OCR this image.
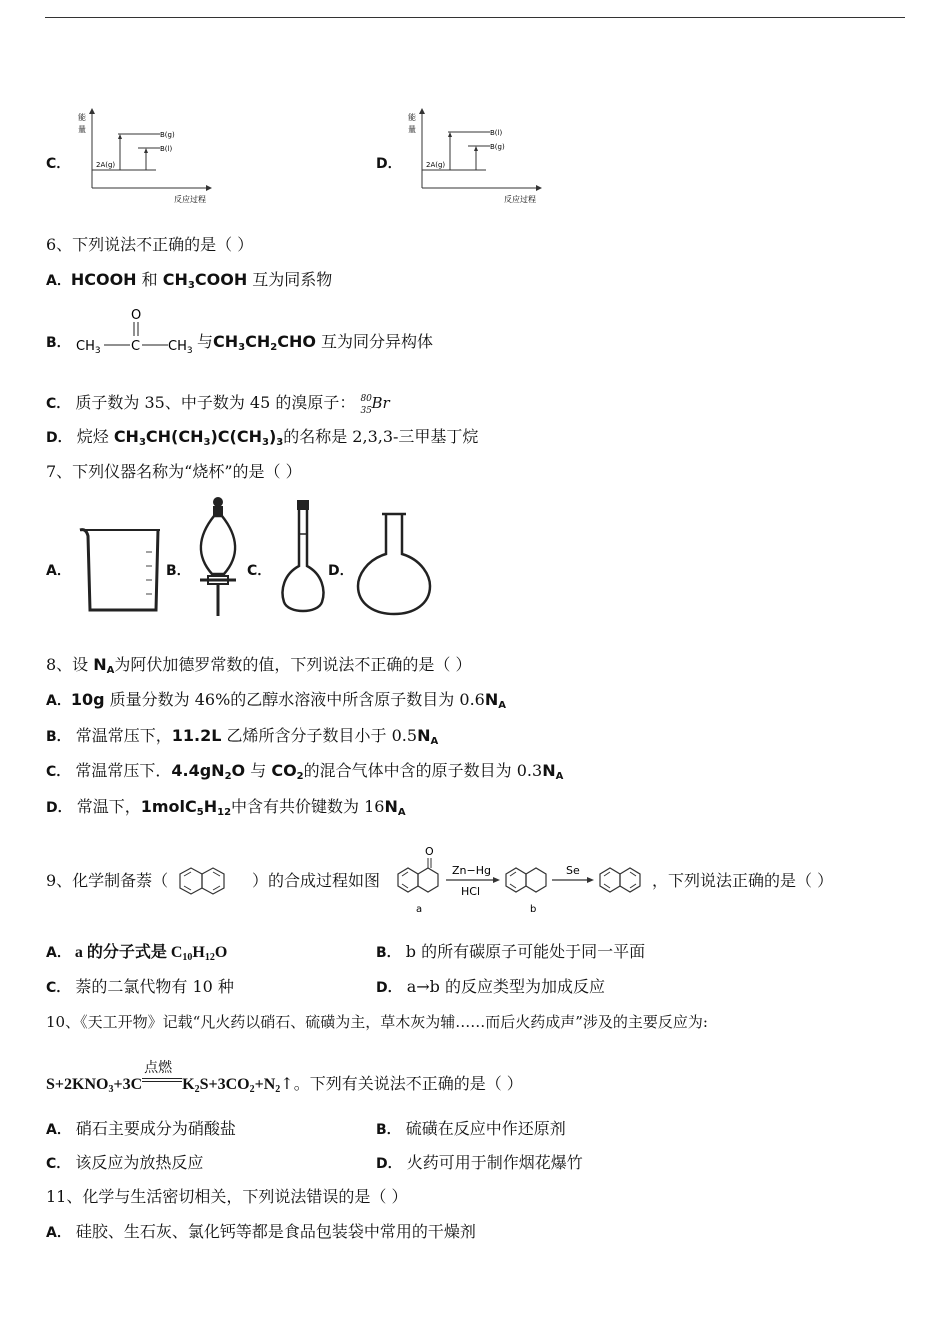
C．
能
量
2A(g)
B(g)
B(l)
反应过程
D．
能
量
2A(g)
B(l)
B(g)
反应过程
6、下列说法不正确的是（ ）
A．HCOOH 和 CH3COOH 互为同系物
B．
O
$CH_3$ C $CH_3$ 与CH3CH2CHO 互为同分异构体
C． 质子数为 35、中子数为 45 的溴原子： 80
35 Br
D． 烷烃 CH3CH(CH3)C(CH3)3的名称是 2,3,3-三甲基丁烷
7、下列仪器名称为“烧杯”的是（ ）
A．	B．	C．	D．
8、设 NA为阿伏加德罗常数的值，下列说法不正确的是（ ）
A．10g 质量分数为 46%的乙醇水溶液中所含原子数目为 0.6NA
B． 常温常压下，11.2L 乙烯所含分子数目小于 0.5NA
C． 常温常压下．4.4gN2O 与 CO2的混合气体中含的原子数目为 0.3NA
D． 常温下，1molC5H12中含有共价键数为 16NA
9、化学制备萘（	）的合成过程如图
O
a
Zn−Hg
HCl
b
Se
，下列说法正确的是（ ）
A． a 的分子式是 $C_{10}H_{12}O$	B． b 的所有碳原子可能处于同一平面
C． 萘的二氯代物有 10 种	D． a→b 的反应类型为加成反应
10、《天工开物》记载“凡火药以硝石、硫磺为主，草木灰为辅……而后火药成声”涉及的主要反应为:
$S+2KNO_3+3C$
点燃
$K_2S+3CO_2+N_2↑$。下列有关说法不正确的是（ ）
A． 硝石主要成分为硝酸盐	B． 硫磺在反应中作还原剂
C． 该反应为放热反应	D． 火药可用于制作烟花爆竹
11、化学与生活密切相关，下列说法错误的是（ ）
A． 硅胶、生石灰、氯化钙等都是食品包装袋中常用的干燥剂
